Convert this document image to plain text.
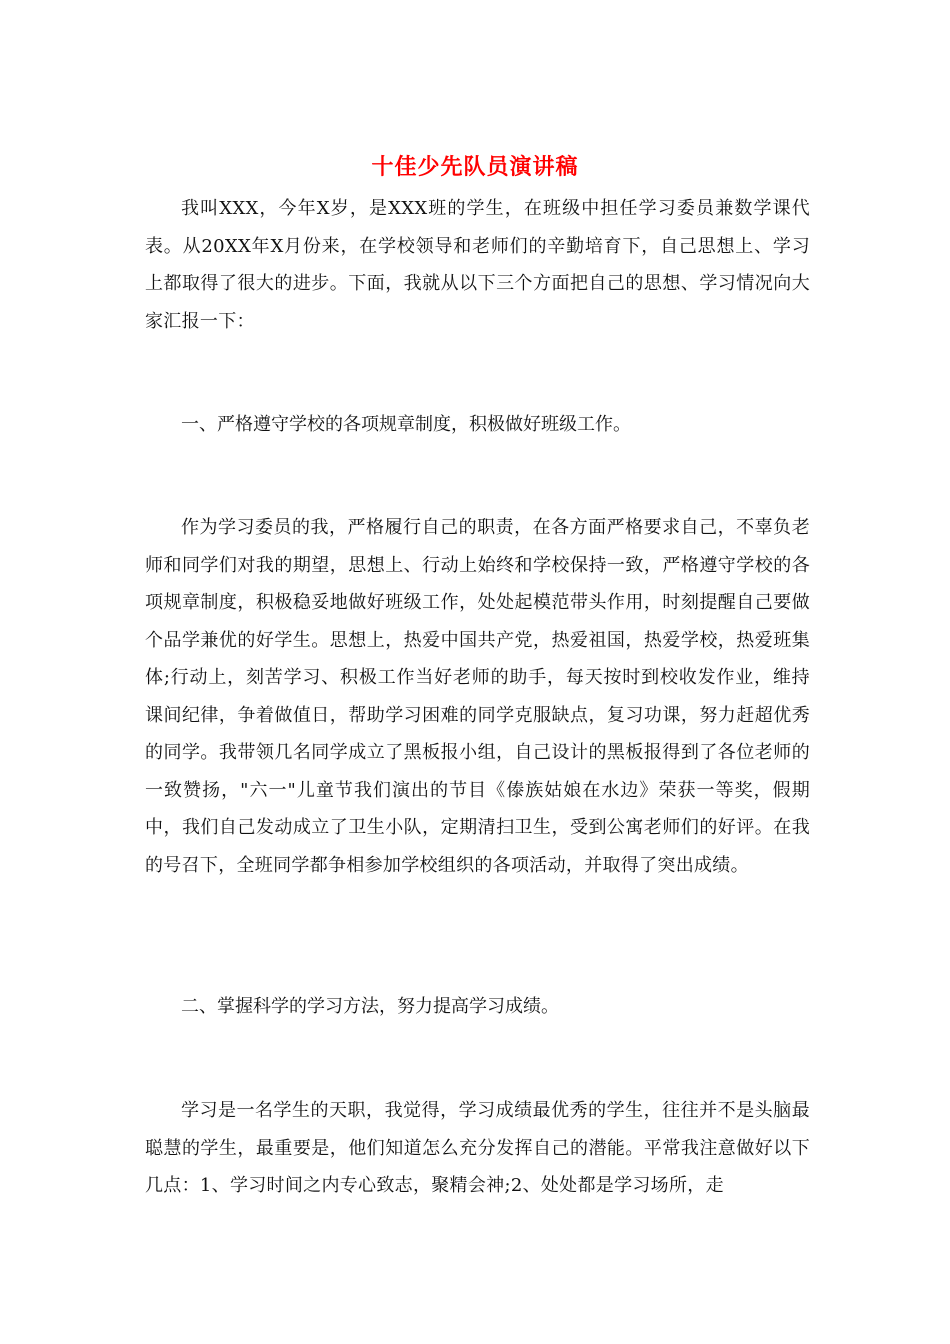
十佳少先队员演讲稿

我叫XXX，今年X岁，是XXX班的学生，在班级中担任学习委员兼数学课代表。从20XX年X月份来，在学校领导和老师们的辛勤培育下，自己思想上、学习上都取得了很大的进步。下面，我就从以下三个方面把自己的思想、学习情况向大家汇报一下：

一、严格遵守学校的各项规章制度，积极做好班级工作。

作为学习委员的我，严格履行自己的职责，在各方面严格要求自己，不辜负老师和同学们对我的期望，思想上、行动上始终和学校保持一致，严格遵守学校的各项规章制度，积极稳妥地做好班级工作，处处起模范带头作用，时刻提醒自己要做个品学兼优的好学生。思想上，热爱中国共产党，热爱祖国，热爱学校，热爱班集体;行动上，刻苦学习、积极工作当好老师的助手，每天按时到校收发作业，维持课间纪律，争着做值日，帮助学习困难的同学克服缺点，复习功课，努力赶超优秀的同学。我带领几名同学成立了黑板报小组，自己设计的黑板报得到了各位老师的一致赞扬，"六一"儿童节我们演出的节目《傣族姑娘在水边》荣获一等奖，假期中，我们自己发动成立了卫生小队，定期清扫卫生，受到公寓老师们的好评。在我的号召下，全班同学都争相参加学校组织的各项活动，并取得了突出成绩。

二、掌握科学的学习方法，努力提高学习成绩。

学习是一名学生的天职，我觉得，学习成绩最优秀的学生，往往并不是头脑最聪慧的学生，最重要是，他们知道怎么充分发挥自己的潜能。平常我注意做好以下几点：1、学习时间之内专心致志，聚精会神;2、处处都是学习场所，走
